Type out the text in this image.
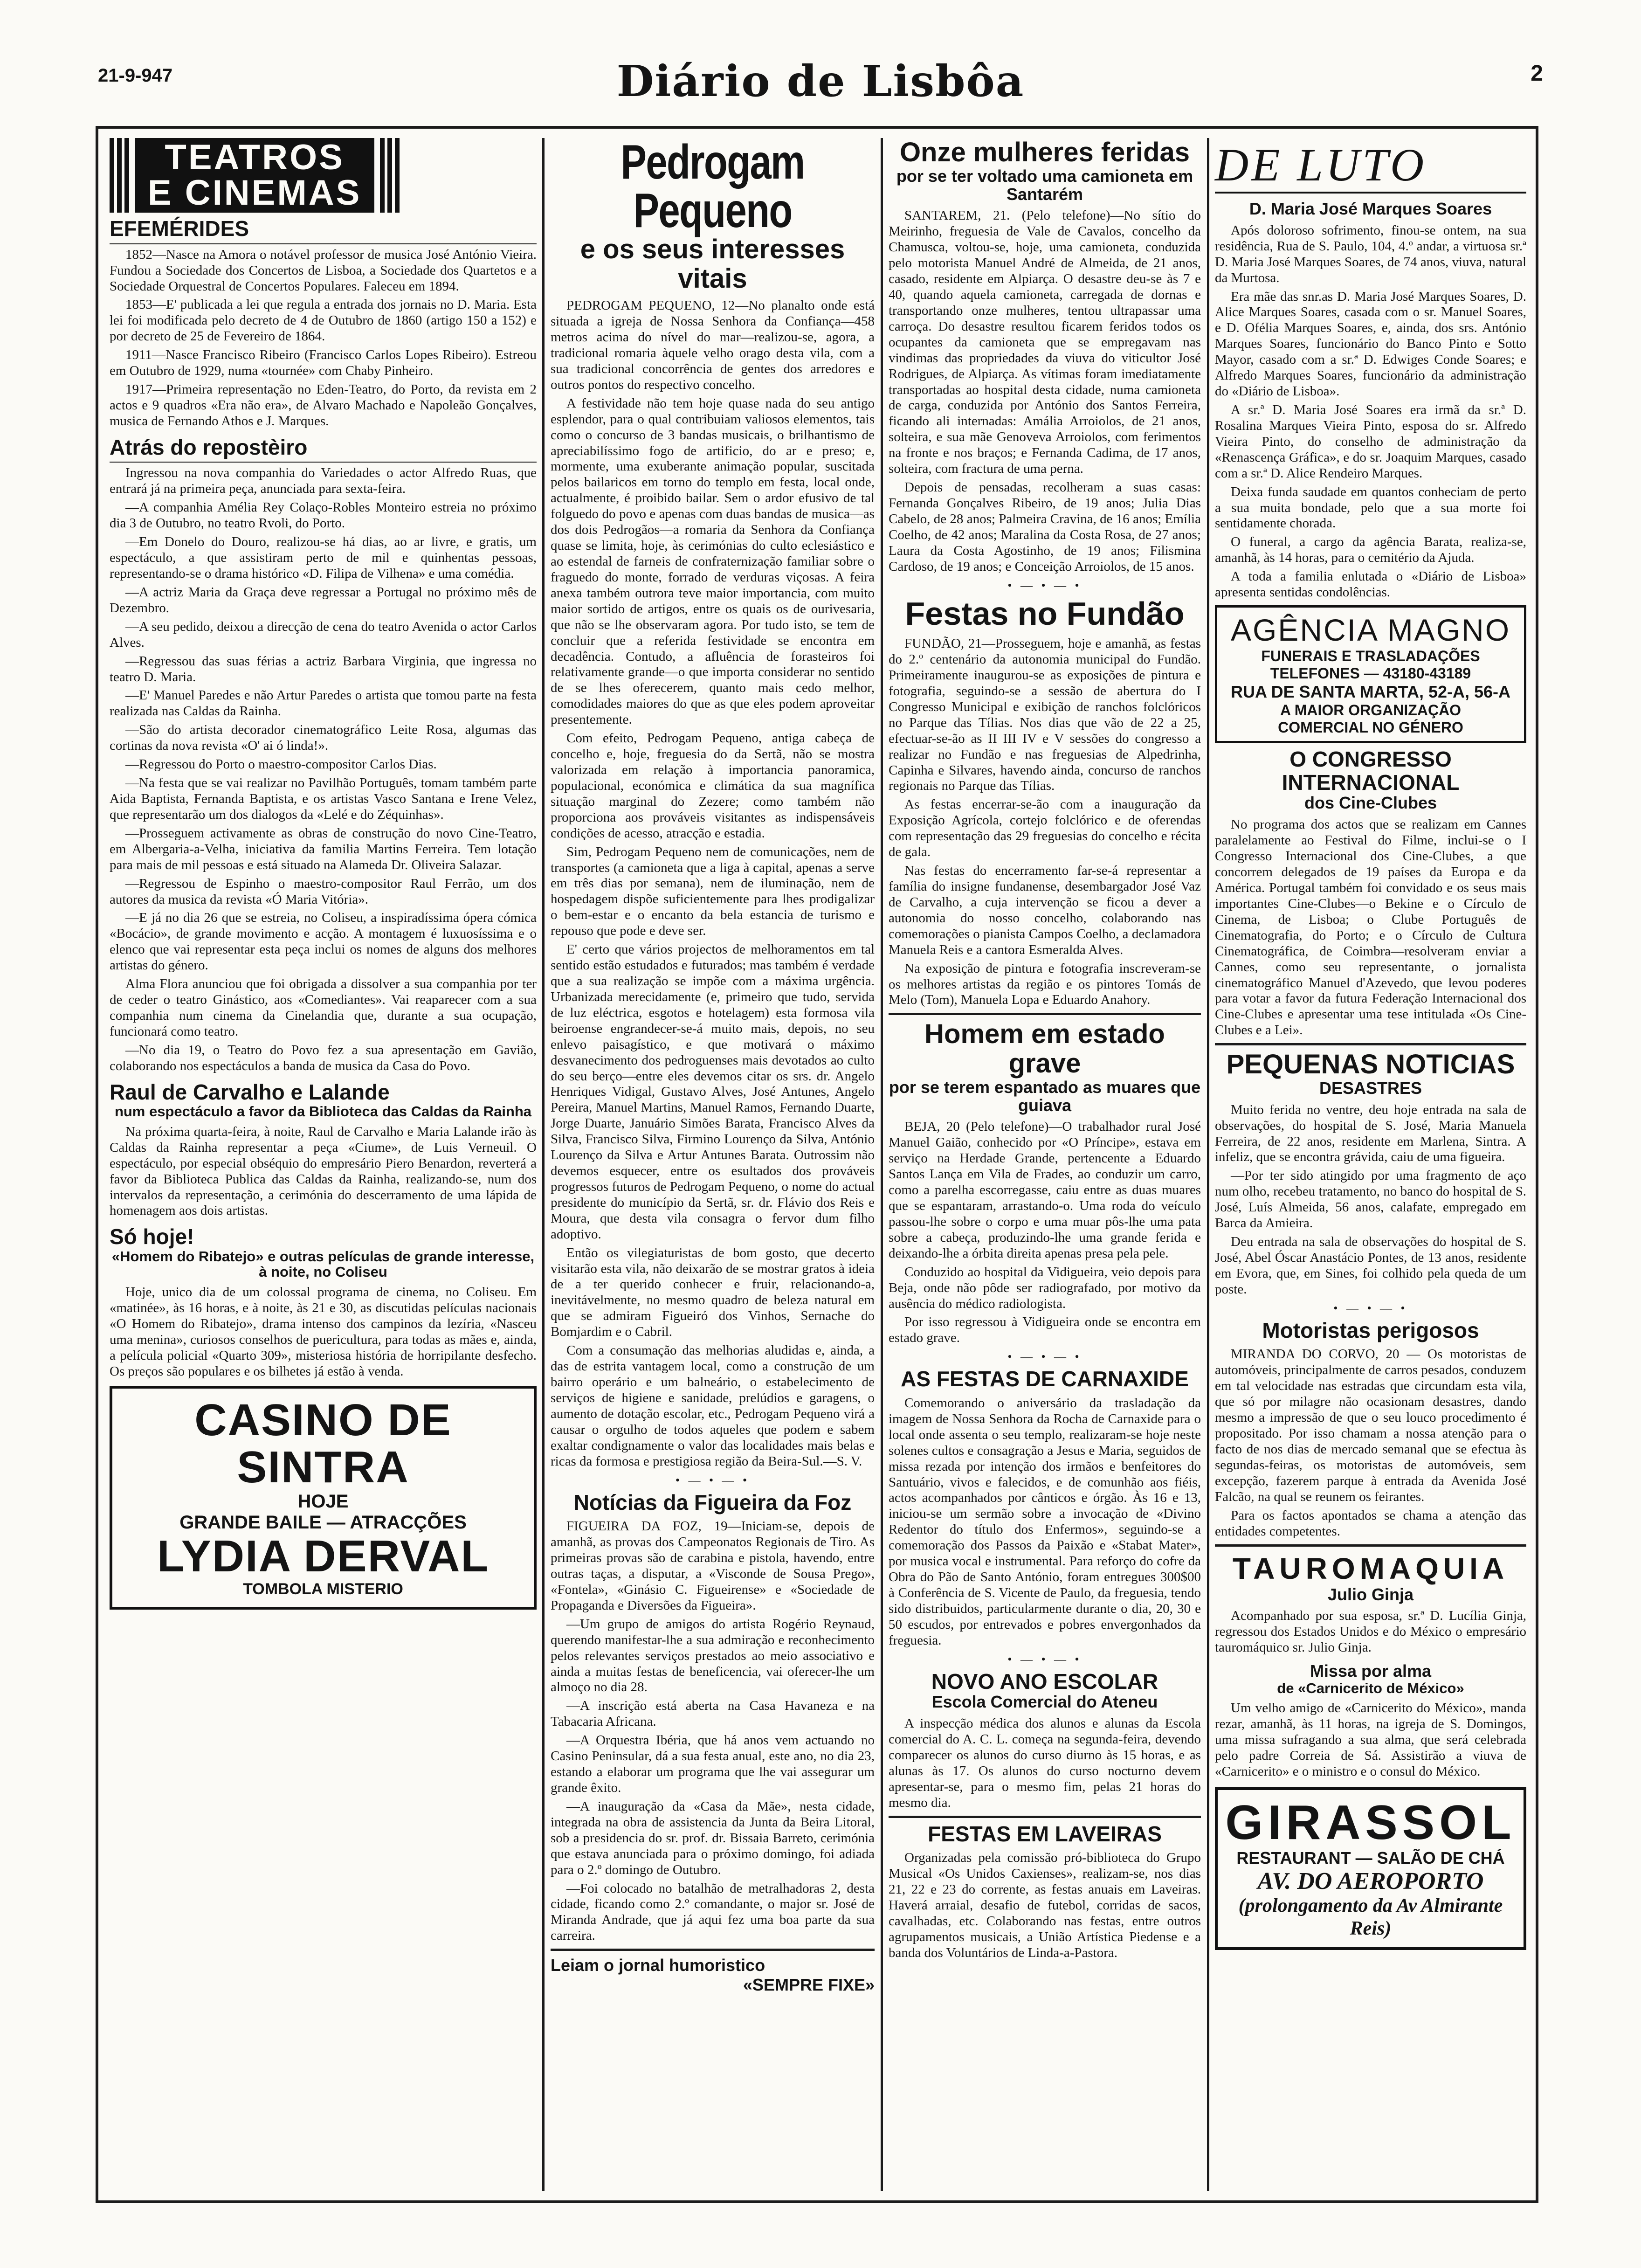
21-9-947	Diário de Lisbôa	2
TEATROS
E CINEMAS
EFEMÉRIDES

1852—Nasce na Amora o notável professor de musica José António Vieira. Fundou a Sociedade dos Concertos de Lisboa, a Sociedade dos Quartetos e a Sociedade Orquestral de Concertos Populares. Faleceu em 1894.

1853—E' publicada a lei que regula a entrada dos jornais no D. Maria. Esta lei foi modificada pelo decreto de 4 de Outubro de 1860 (artigo 150 a 152) e por decreto de 25 de Fevereiro de 1864.

1911—Nasce Francisco Ribeiro (Francisco Carlos Lopes Ribeiro). Estreou em Outubro de 1929, numa «tournée» com Chaby Pinheiro.

1917—Primeira representação no Eden-Teatro, do Porto, da revista em 2 actos e 9 quadros «Era não era», de Alvaro Machado e Napoleão Gonçalves, musica de Fernando Athos e J. Marques.

Atrás do repostèiro

Ingressou na nova companhia do Variedades o actor Alfredo Ruas, que entrará já na primeira peça, anunciada para sexta-feira.

—A companhia Amélia Rey Colaço-Robles Monteiro estreia no próximo dia 3 de Outubro, no teatro Rvoli, do Porto.

—Em Donelo do Douro, realizou-se há dias, ao ar livre, e gratis, um espectáculo, a que assistiram perto de mil e quinhentas pessoas, representando-se o drama histórico «D. Filipa de Vilhena» e uma comédia.

—A actriz Maria da Graça deve regressar a Portugal no próximo mês de Dezembro.

—A seu pedido, deixou a direcção de cena do teatro Avenida o actor Carlos Alves.

—Regressou das suas férias a actriz Barbara Virginia, que ingressa no teatro D. Maria.

—E' Manuel Paredes e não Artur Paredes o artista que tomou parte na festa realizada nas Caldas da Rainha.

—São do artista decorador cinematográfico Leite Rosa, algumas das cortinas da nova revista «O' ai ó linda!».

—Regressou do Porto o maestro-compositor Carlos Dias.

—Na festa que se vai realizar no Pavilhão Português, tomam também parte Aida Baptista, Fernanda Baptista, e os artistas Vasco Santana e Irene Velez, que representarão um dos dialogos da «Lelé e do Zéquinhas».

—Prosseguem activamente as obras de construção do novo Cine-Teatro, em Albergaria-a-Velha, iniciativa da familia Martins Ferreira. Tem lotação para mais de mil pessoas e está situado na Alameda Dr. Oliveira Salazar.

—Regressou de Espinho o maestro-compositor Raul Ferrão, um dos autores da musica da revista «Ó Maria Vitória».

—E já no dia 26 que se estreia, no Coliseu, a inspiradíssima ópera cómica «Bocácio», de grande movimento e acção. A montagem é luxuosíssima e o elenco que vai representar esta peça inclui os nomes de alguns dos melhores artistas do género.

Alma Flora anunciou que foi obrigada a dissolver a sua companhia por ter de ceder o teatro Ginástico, aos «Comediantes». Vai reaparecer com a sua companhia num cinema da Cinelandia que, durante a sua ocupação, funcionará como teatro.

—No dia 19, o Teatro do Povo fez a sua apresentação em Gavião, colaborando nos espectáculos a banda de musica da Casa do Povo.

Raul de Carvalho e Lalande
num espectáculo a favor da Biblioteca das Caldas da Rainha

Na próxima quarta-feira, à noite, Raul de Carvalho e Maria Lalande irão às Caldas da Rainha representar a peça «Ciume», de Luis Verneuil. O espectáculo, por especial obséquio do empresário Piero Benardon, reverterá a favor da Biblioteca Publica das Caldas da Rainha, realizando-se, num dos intervalos da representação, a cerimónia do descerramento de uma lápida de homenagem aos dois artistas.

Só hoje!
«Homem do Ribatejo» e outras películas de grande interesse, à noite, no Coliseu

Hoje, unico dia de um colossal programa de cinema, no Coliseu. Em «matinée», às 16 horas, e à noite, às 21 e 30, as discutidas películas nacionais «O Homem do Ribatejo», drama intenso dos campinos da lezíria, «Nasceu uma menina», curiosos conselhos de puericultura, para todas as mães e, ainda, a película policial «Quarto 309», misteriosa história de horripilante desfecho. Os preços são populares e os bilhetes já estão à venda.

CASINO DE SINTRA
HOJE
GRANDE BAILE — ATRACÇÕES
LYDIA DERVAL
TOMBOLA MISTERIO
Pedrogam Pequeno
e os seus interesses vitais

PEDROGAM PEQUENO, 12—No planalto onde está situada a igreja de Nossa Senhora da Confiança—458 metros acima do nível do mar—realizou-se, agora, a tradicional romaria àquele velho orago desta vila, com a sua tradicional concorrência de gentes dos arredores e outros pontos do respectivo concelho.

A festividade não tem hoje quase nada do seu antigo esplendor, para o qual contribuiam valiosos elementos, tais como o concurso de 3 bandas musicais, o brilhantismo de apreciabilíssimo fogo de artificio, do ar e preso; e, mormente, uma exuberante animação popular, suscitada pelos bailaricos em torno do templo em festa, local onde, actualmente, é proibido bailar. Sem o ardor efusivo de tal folguedo do povo e apenas com duas bandas de musica—as dos dois Pedrogãos—a romaria da Senhora da Confiança quase se limita, hoje, às cerimónias do culto eclesiástico e ao estendal de farneis de confraternização familiar sobre o fraguedo do monte, forrado de verduras viçosas. A feira anexa também outrora teve maior importancia, com muito maior sortido de artigos, entre os quais os de ourivesaria, que não se lhe observaram agora. Por tudo isto, se tem de concluir que a referida festividade se encontra em decadência. Contudo, a afluência de forasteiros foi relativamente grande—o que importa considerar no sentido de se lhes oferecerem, quanto mais cedo melhor, comodidades maiores do que as que eles podem aproveitar presentemente.

Com efeito, Pedrogam Pequeno, antiga cabeça de concelho e, hoje, freguesia do da Sertã, não se mostra valorizada em relação à importancia panoramica, populacional, económica e climática da sua magnífica situação marginal do Zezere; como também não proporciona aos prováveis visitantes as indispensáveis condições de acesso, atracção e estadia.

Sim, Pedrogam Pequeno nem de comunicações, nem de transportes (a camioneta que a liga à capital, apenas a serve em três dias por semana), nem de iluminação, nem de hospedagem dispõe suficientemente para lhes prodigalizar o bem-estar e o encanto da bela estancia de turismo e repouso que pode e deve ser.

E' certo que vários projectos de melhoramentos em tal sentido estão estudados e futurados; mas também é verdade que a sua realização se impõe com a máxima urgência. Urbanizada merecidamente (e, primeiro que tudo, servida de luz eléctrica, esgotos e hotelagem) esta formosa vila beiroense engrandecer-se-á muito mais, depois, no seu enlevo paisagístico, e que motivará o máximo desvanecimento dos pedroguenses mais devotados ao culto do seu berço—entre eles devemos citar os srs. dr. Angelo Henriques Vidigal, Gustavo Alves, José Antunes, Angelo Pereira, Manuel Martins, Manuel Ramos, Fernando Duarte, Jorge Duarte, Januário Simões Barata, Francisco Alves da Silva, Francisco Silva, Firmino Lourenço da Silva, António Lourenço da Silva e Artur Antunes Barata. Outrossim não devemos esquecer, entre os esultados dos prováveis progressos futuros de Pedrogam Pequeno, o nome do actual presidente do município da Sertã, sr. dr. Flávio dos Reis e Moura, que desta vila consagra o fervor dum filho adoptivo.

Então os vilegiaturistas de bom gosto, que decerto visitarão esta vila, não deixarão de se mostrar gratos à ideia de a ter querido conhecer e fruir, relacionando-a, inevitávelmente, no mesmo quadro de beleza natural em que se admiram Figueiró dos Vinhos, Sernache do Bomjardim e o Cabril.

Com a consumação das melhorias aludidas e, ainda, a das de estrita vantagem local, como a construção de um bairro operário e um balneário, o estabelecimento de serviços de higiene e sanidade, prelúdios e garagens, o aumento de dotação escolar, etc., Pedrogam Pequeno virá a causar o orgulho de todos aqueles que podem e sabem exaltar condignamente o valor das localidades mais belas e ricas da formosa e prestigiosa região da Beira-Sul.—S. V.

• — • — •
Notícias da Figueira da Foz

FIGUEIRA DA FOZ, 19—Iniciam-se, depois de amanhã, as provas dos Campeonatos Regionais de Tiro. As primeiras provas são de carabina e pistola, havendo, entre outras taças, a disputar, a «Visconde de Sousa Prego», «Fontela», «Ginásio C. Figueirense» e «Sociedade de Propaganda e Diversões da Figueira».

—Um grupo de amigos do artista Rogério Reynaud, querendo manifestar-lhe a sua admiração e reconhecimento pelos relevantes serviços prestados ao meio associativo e ainda a muitas festas de beneficencia, vai oferecer-lhe um almoço no dia 28.

—A inscrição está aberta na Casa Havaneza e na Tabacaria Africana.

—A Orquestra Ibéria, que há anos vem actuando no Casino Peninsular, dá a sua festa anual, este ano, no dia 23, estando a elaborar um programa que lhe vai assegurar um grande êxito.

—A inauguração da «Casa da Mãe», nesta cidade, integrada na obra de assistencia da Junta da Beira Litoral, sob a presidencia do sr. prof. dr. Bissaia Barreto, cerimónia que estava anunciada para o próximo domingo, foi adiada para o 2.º domingo de Outubro.

—Foi colocado no batalhão de metralhadoras 2, desta cidade, ficando como 2.º comandante, o major sr. José de Miranda Andrade, que já aqui fez uma boa parte da sua carreira.

Leiam o jornal humoristico
«SEMPRE FIXE»
Onze mulheres feridas
por se ter voltado uma camioneta em Santarém

SANTAREM, 21. (Pelo telefone)—No sítio do Meirinho, freguesia de Vale de Cavalos, concelho da Chamusca, voltou-se, hoje, uma camioneta, conduzida pelo motorista Manuel André de Almeida, de 21 anos, casado, residente em Alpiarça. O desastre deu-se às 7 e 40, quando aquela camioneta, carregada de dornas e transportando onze mulheres, tentou ultrapassar uma carroça. Do desastre resultou ficarem feridos todos os ocupantes da camioneta que se empregavam nas vindimas das propriedades da viuva do viticultor José Rodrigues, de Alpiarça. As vítimas foram imediatamente transportadas ao hospital desta cidade, numa camioneta de carga, conduzida por António dos Santos Ferreira, ficando ali internadas: Amália Arroiolos, de 21 anos, solteira, e sua mãe Genoveva Arroiolos, com ferimentos na fronte e nos braços; e Fernanda Cadima, de 17 anos, solteira, com fractura de uma perna.

Depois de pensadas, recolheram a suas casas: Fernanda Gonçalves Ribeiro, de 19 anos; Julia Dias Cabelo, de 28 anos; Palmeira Cravina, de 16 anos; Emília Coelho, de 42 anos; Maralina da Costa Rosa, de 27 anos; Laura da Costa Agostinho, de 19 anos; Filismina Cardoso, de 19 anos; e Conceição Arroiolos, de 15 anos.

• — • — •
Festas no Fundão

FUNDÃO, 21—Prosseguem, hoje e amanhã, as festas do 2.º centenário da autonomia municipal do Fundão. Primeiramente inaugurou-se as exposições de pintura e fotografia, seguindo-se a sessão de abertura do I Congresso Municipal e exibição de ranchos folclóricos no Parque das Tílias. Nos dias que vão de 22 a 25, efectuar-se-ão as II III IV e V sessões do congresso a realizar no Fundão e nas freguesias de Alpedrinha, Capinha e Silvares, havendo ainda, concurso de ranchos regionais no Parque das Tílias.

As festas encerrar-se-ão com a inauguração da Exposição Agrícola, cortejo folclórico e de oferendas com representação das 29 freguesias do concelho e récita de gala.

Nas festas do encerramento far-se-á representar a família do insigne fundanense, desembargador José Vaz de Carvalho, a cuja intervenção se ficou a dever a autonomia do nosso concelho, colaborando nas comemorações o pianista Campos Coelho, a declamadora Manuela Reis e a cantora Esmeralda Alves.

Na exposição de pintura e fotografia inscreveram-se os melhores artistas da região e os pintores Tomás de Melo (Tom), Manuela Lopa e Eduardo Anahory.

Homem em estado grave
por se terem espantado as muares que guiava

BEJA, 20 (Pelo telefone)—O trabalhador rural José Manuel Gaião, conhecido por «O Príncipe», estava em serviço na Herdade Grande, pertencente a Eduardo Santos Lança em Vila de Frades, ao conduzir um carro, como a parelha escorregasse, caiu entre as duas muares que se espantaram, arrastando-o. Uma roda do veículo passou-lhe sobre o corpo e uma muar pôs-lhe uma pata sobre a cabeça, produzindo-lhe uma grande ferida e deixando-lhe a órbita direita apenas presa pela pele.

Conduzido ao hospital da Vidigueira, veio depois para Beja, onde não pôde ser radiografado, por motivo da ausência do médico radiologista.

Por isso regressou à Vidigueira onde se encontra em estado grave.

• — • — •
AS FESTAS DE CARNAXIDE

Comemorando o aniversário da trasladação da imagem de Nossa Senhora da Rocha de Carnaxide para o local onde assenta o seu templo, realizaram-se hoje neste solenes cultos e consagração a Jesus e Maria, seguidos de missa rezada por intenção dos irmãos e benfeitores do Santuário, vivos e falecidos, e de comunhão aos fiéis, actos acompanhados por cânticos e órgão. Às 16 e 13, iniciou-se um sermão sobre a invocação de «Divino Redentor do título dos Enfermos», seguindo-se a comemoração dos Passos da Paixão e «Stabat Mater», por musica vocal e instrumental. Para reforço do cofre da Obra do Pão de Santo António, foram entregues 300$00 à Conferência de S. Vicente de Paulo, da freguesia, tendo sido distribuidos, particularmente durante o dia, 20, 30 e 50 escudos, por entrevados e pobres envergonhados da freguesia.

• — • — •
NOVO ANO ESCOLAR
Escola Comercial do Ateneu

A inspecção médica dos alunos e alunas da Escola comercial do A. C. L. começa na segunda-feira, devendo comparecer os alunos do curso diurno às 15 horas, e as alunas às 17. Os alunos do curso nocturno devem apresentar-se, para o mesmo fim, pelas 21 horas do mesmo dia.

FESTAS EM LAVEIRAS

Organizadas pela comissão pró-biblioteca do Grupo Musical «Os Unidos Caxienses», realizam-se, nos dias 21, 22 e 23 do corrente, as festas anuais em Laveiras. Haverá arraial, desafio de futebol, corridas de sacos, cavalhadas, etc. Colaborando nas festas, entre outros agrupamentos musicais, a União Artística Piedense e a banda dos Voluntários de Linda-a-Pastora.

DE LUTO
D. Maria José Marques Soares

Após doloroso sofrimento, finou-se ontem, na sua residência, Rua de S. Paulo, 104, 4.º andar, a virtuosa sr.ª D. Maria José Marques Soares, de 74 anos, viuva, natural da Murtosa.

Era mãe das snr.as D. Maria José Marques Soares, D. Alice Marques Soares, casada com o sr. Manuel Soares, e D. Ofélia Marques Soares, e, ainda, dos srs. António Marques Soares, funcionário do Banco Pinto e Sotto Mayor, casado com a sr.ª D. Edwiges Conde Soares; e Alfredo Marques Soares, funcionário da administração do «Diário de Lisboa».

A sr.ª D. Maria José Soares era irmã da sr.ª D. Rosalina Marques Vieira Pinto, esposa do sr. Alfredo Vieira Pinto, do conselho de administração da «Renascença Gráfica», e do sr. Joaquim Marques, casado com a sr.ª D. Alice Rendeiro Marques.

Deixa funda saudade em quantos conheciam de perto a sua muita bondade, pelo que a sua morte foi sentidamente chorada.

O funeral, a cargo da agência Barata, realiza-se, amanhã, às 14 horas, para o cemitério da Ajuda.

A toda a familia enlutada o «Diário de Lisboa» apresenta sentidas condolências.

AGÊNCIA MAGNO
FUNERAIS E TRASLADAÇÕES
TELEFONES — 43180-43189
RUA DE SANTA MARTA, 52-A, 56-A
A MAIOR ORGANIZAÇÃO
COMERCIAL NO GÉNERO
O CONGRESSO INTERNACIONAL
dos Cine-Clubes

No programa dos actos que se realizam em Cannes paralelamente ao Festival do Filme, inclui-se o I Congresso Internacional dos Cine-Clubes, a que concorrem delegados de 19 países da Europa e da América. Portugal também foi convidado e os seus mais importantes Cine-Clubes—o Bekine e o Círculo de Cinema, de Lisboa; o Clube Português de Cinematografia, do Porto; e o Círculo de Cultura Cinematográfica, de Coimbra—resolveram enviar a Cannes, como seu representante, o jornalista cinematográfico Manuel d'Azevedo, que levou poderes para votar a favor da futura Federação Internacional dos Cine-Clubes e apresentar uma tese intitulada «Os Cine-Clubes e a Lei».

PEQUENAS NOTICIAS
DESASTRES

Muito ferida no ventre, deu hoje entrada na sala de observações, do hospital de S. José, Maria Manuela Ferreira, de 22 anos, residente em Marlena, Sintra. A infeliz, que se encontra grávida, caiu de uma figueira.

—Por ter sido atingido por uma fragmento de aço num olho, recebeu tratamento, no banco do hospital de S. José, Luís Almeida, 56 anos, calafate, empregado em Barca da Amieira.

Deu entrada na sala de observações do hospital de S. José, Abel Óscar Anastácio Pontes, de 13 anos, residente em Evora, que, em Sines, foi colhido pela queda de um poste.

• — • — •
Motoristas perigosos

MIRANDA DO CORVO, 20 — Os motoristas de automóveis, principalmente de carros pesados, conduzem em tal velocidade nas estradas que circundam esta vila, que só por milagre não ocasionam desastres, dando mesmo a impressão de que o seu louco procedimento é propositado. Por isso chamam a nossa atenção para o facto de nos dias de mercado semanal que se efectua às segundas-feiras, os motoristas de automóveis, sem excepção, fazerem parque à entrada da Avenida José Falcão, na qual se reunem os feirantes.

Para os factos apontados se chama a atenção das entidades competentes.

TAUROMAQUIA
Julio Ginja

Acompanhado por sua esposa, sr.ª D. Lucília Ginja, regressou dos Estados Unidos e do México o empresário tauromáquico sr. Julio Ginja.

Missa por alma
de «Carnicerito de México»

Um velho amigo de «Carnicerito do México», manda rezar, amanhã, às 11 horas, na igreja de S. Domingos, uma missa sufragando a sua alma, que será celebrada pelo padre Correia de Sá. Assistirão a viuva de «Carnicerito» e o ministro e o consul do México.

GIRASSOL
RESTAURANT — SALÃO DE CHÁ
AV. DO AEROPORTO
(prolongamento da Av Almirante Reis)
